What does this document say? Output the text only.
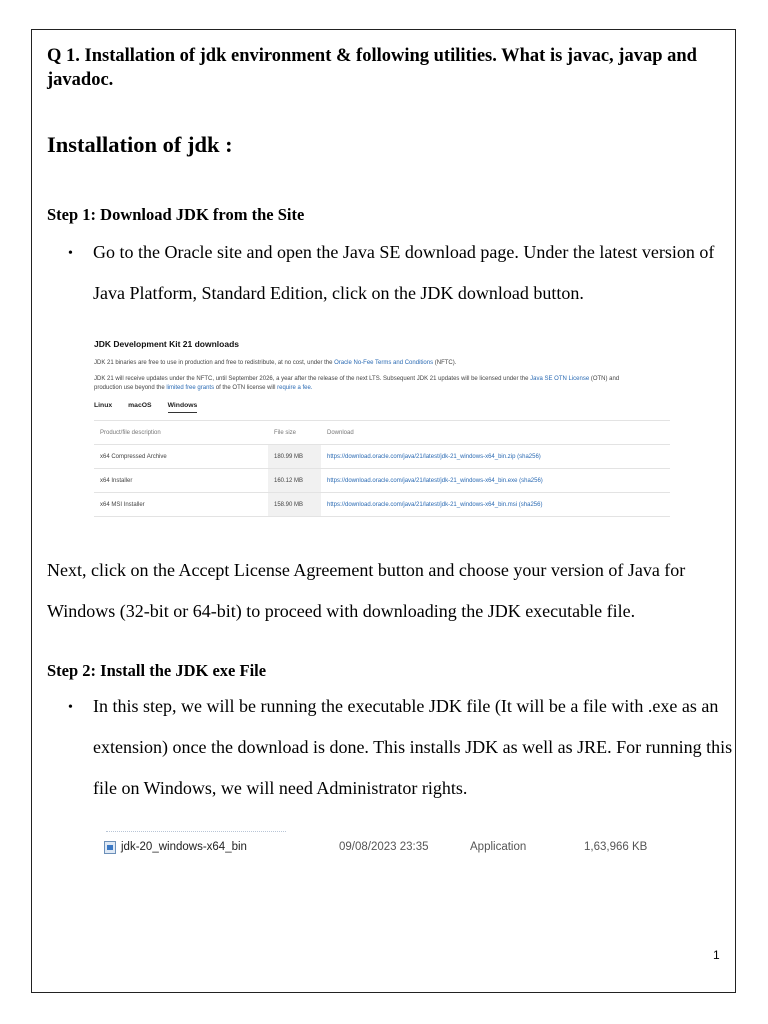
Q 1. Installation of jdk environment & following utilities. What is javac, javap and javadoc.
Installation of jdk :
Step 1: Download JDK from the Site
• Go to the Oracle site and open the Java SE download page. Under the latest version of Java Platform, Standard Edition, click on the JDK download button.
JDK Development Kit 21 downloads
JDK 21 binaries are free to use in production and free to redistribute, at no cost, under the Oracle No-Fee Terms and Conditions (NFTC).
JDK 21 will receive updates under the NFTC, until September 2026, a year after the release of the next LTS. Subsequent JDK 21 updates will be licensed under the Java SE OTN License (OTN) and
production use beyond the limited free grants of the OTN license will require a fee.
Linux macOS Windows
Product/file description	File size	Download
x64 Compressed Archive	180.99 MB	https://download.oracle.com/java/21/latest/jdk-21_windows-x64_bin.zip (sha256)
x64 Installer	160.12 MB	https://download.oracle.com/java/21/latest/jdk-21_windows-x64_bin.exe (sha256)
x64 MSI Installer	158.90 MB	https://download.oracle.com/java/21/latest/jdk-21_windows-x64_bin.msi (sha256)
Next, click on the Accept License Agreement button and choose your version of Java for Windows (32-bit or 64-bit) to proceed with downloading the JDK executable file.
Step 2: Install the JDK exe File
• In this step, we will be running the executable JDK file (It will be a file with .exe as an extension) once the download is done. This installs JDK as well as JRE. For running this file on Windows, we will need Administrator rights.
jdk-20_windows-x64_bin	09/08/2023 23:35	Application	1,63,966 KB
1
